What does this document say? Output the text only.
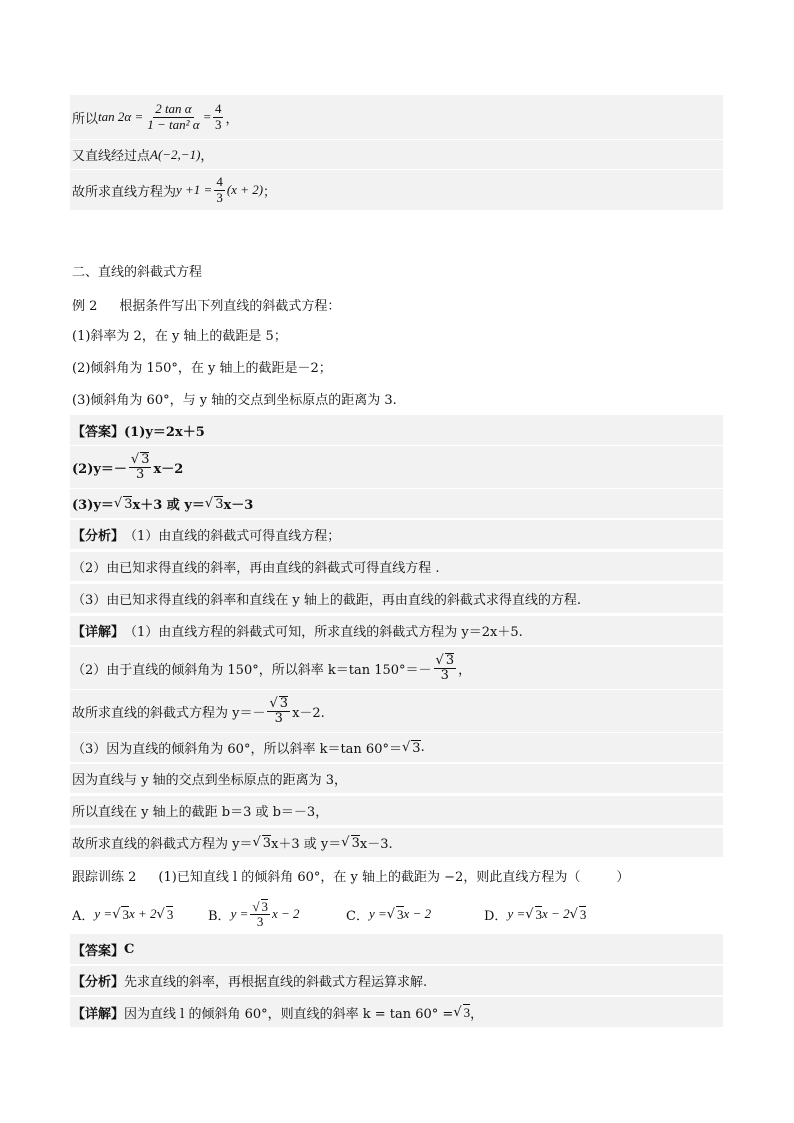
所以 $\tan 2\alpha = \frac{\text{2 tan α}}{\text{1 − tan² α}} = \frac{4}{3}$ ，
又直线经过点 A(−2,−1) ，
故所求直线方程为 $y +1 = \frac{4}{3} (x + 2)$ ；
二、直线的斜截式方程
例 2 根据条件写出下列直线的斜截式方程：
(1)斜率为 2，在 y 轴上的截距是 5；
(2)倾斜角为 150°，在 y 轴上的截距是－2；
(3)倾斜角为 60°，与 y 轴的交点到坐标原点的距离为 3.
【答案】 (1)y＝2x＋5
(2)y＝－ √ $\frac{3}{3} x-2$
(3)y＝ √ 3 x＋3 或 y＝ √ 3 x－3
【分析】 （1）由直线的斜截式可得直线方程；
（2）由已知求得直线的斜率，再由直线的斜截式可得直线方程 .
（3）由已知求得直线的斜率和直线在 y 轴上的截距，再由直线的斜截式求得直线的方程.
【详解】 （1）由直线方程的斜截式可知，所求直线的斜截式方程为 y＝2x＋5.
（2）由于直线的倾斜角为 150°，所以斜率 k＝tan 150°＝－ √ $\frac{3}{3}$ ，
故所求直线的斜截式方程为 y＝－ √ $\frac{3}{3} x-2$.
（3）因为直线的倾斜角为 60°，所以斜率 k＝tan 60°＝ √ 3 .
因为直线与 y 轴的交点到坐标原点的距离为 3，
所以直线在 y 轴上的截距 b＝3 或 b＝－3，
故所求直线的斜截式方程为 y＝ √ 3 x＋3 或 y＝ √ 3 x－3.
跟踪训练 2 (1)已知直线 l 的倾斜角 60°，在 y 轴上的截距为 −2，则此直线方程为（	）
A． y = √ 3 x + 2 √ 3	B． y = √ $\frac{3}{3}$ x − 2	C． y = √ 3 x − 2	D． y = √ 3 x − 2 √ 3
【答案】 C
【分析】 先求直线的斜率，再根据直线的斜截式方程运算求解.
【详解】 因为直线 l 的倾斜角 60°，则直线的斜率 k = tan 60° = √ 3 ，
